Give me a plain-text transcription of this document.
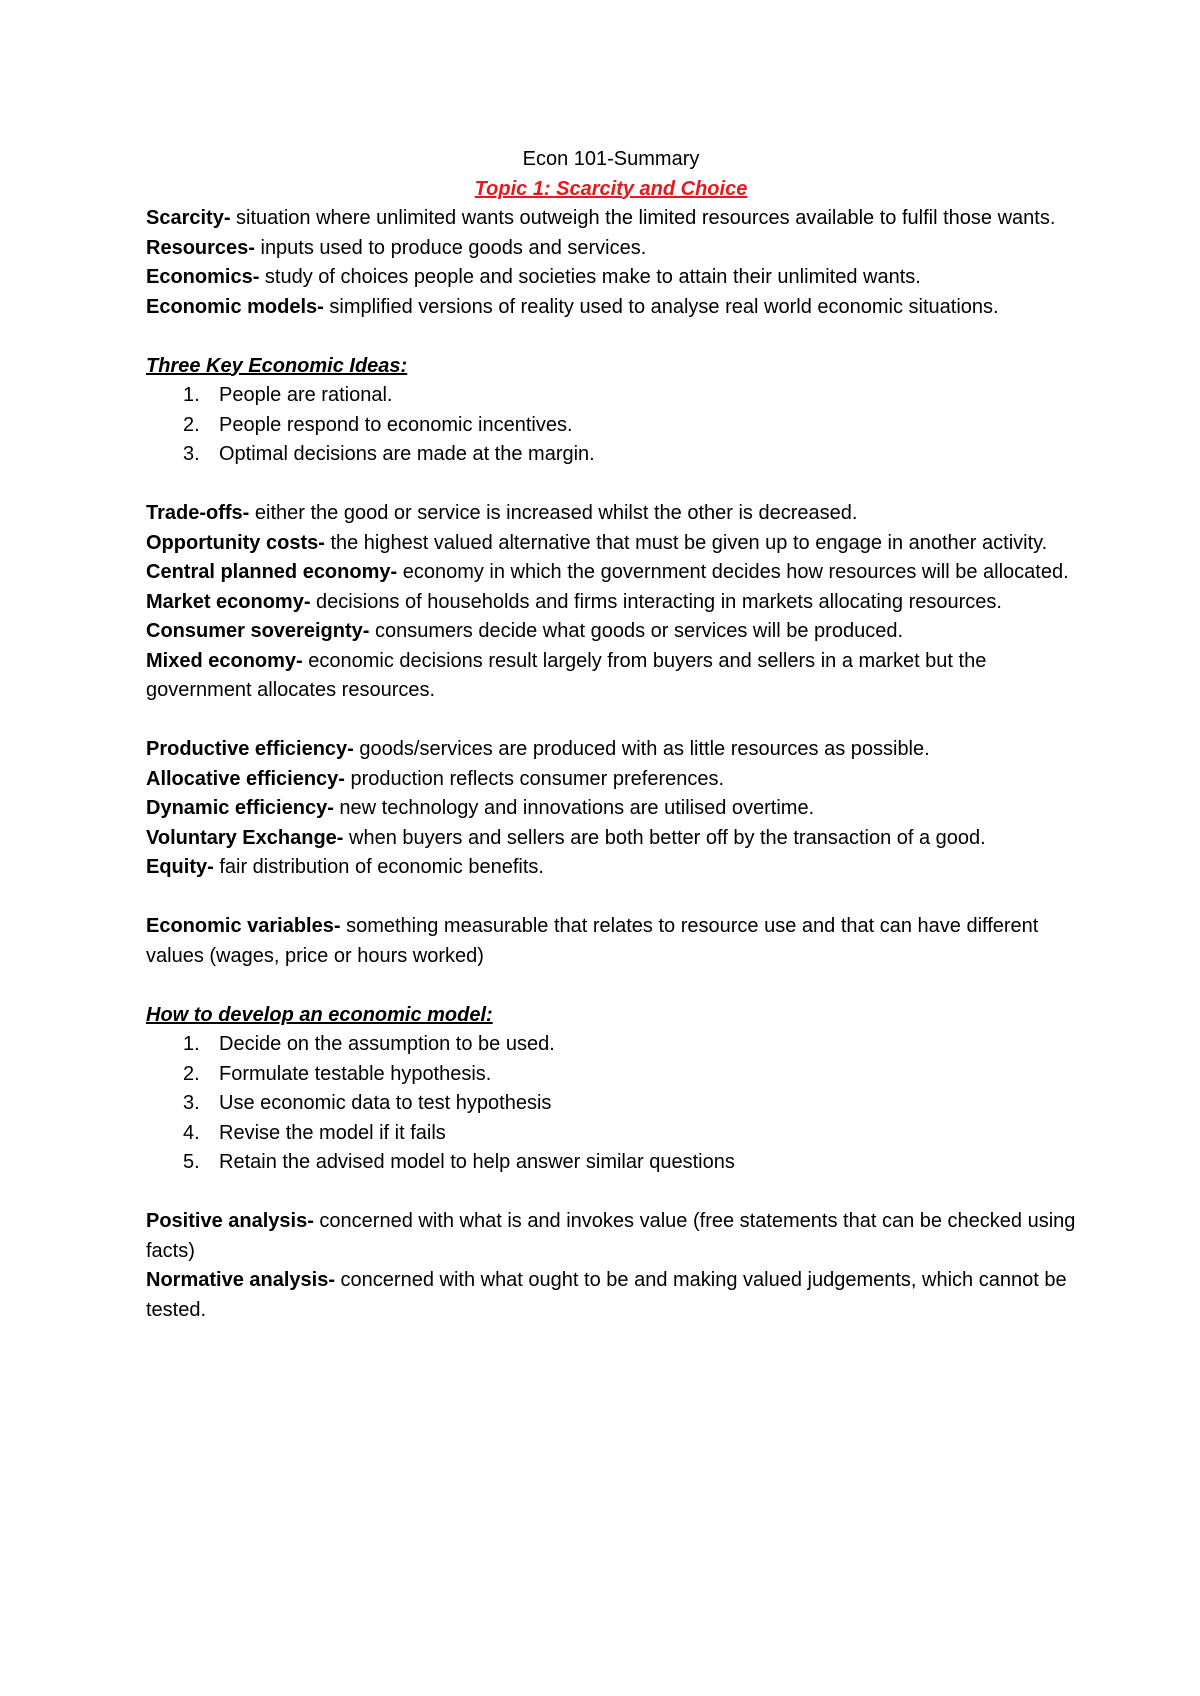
Econ 101-Summary
Topic 1: Scarcity and Choice

Scarcity- situation where unlimited wants outweigh the limited resources available to fulfil those wants.

Resources- inputs used to produce goods and services.

Economics- study of choices people and societies make to attain their unlimited wants.

Economic models- simplified versions of reality used to analyse real world economic situations.

Three Key Economic Ideas:

1. People are rational.
2. People respond to economic incentives.
3. Optimal decisions are made at the margin.

Trade-offs- either the good or service is increased whilst the other is decreased.

Opportunity costs- the highest valued alternative that must be given up to engage in another activity.

Central planned economy- economy in which the government decides how resources will be allocated.

Market economy- decisions of households and firms interacting in markets allocating resources.

Consumer sovereignty- consumers decide what goods or services will be produced.

Mixed economy- economic decisions result largely from buyers and sellers in a market but the government allocates resources.

Productive efficiency- goods/services are produced with as little resources as possible.

Allocative efficiency- production reflects consumer preferences.

Dynamic efficiency- new technology and innovations are utilised overtime.

Voluntary Exchange- when buyers and sellers are both better off by the transaction of a good.

Equity- fair distribution of economic benefits.

Economic variables- something measurable that relates to resource use and that can have different values (wages, price or hours worked)

How to develop an economic model:

1. Decide on the assumption to be used.
2. Formulate testable hypothesis.
3. Use economic data to test hypothesis
4. Revise the model if it fails
5. Retain the advised model to help answer similar questions

Positive analysis- concerned with what is and invokes value (free statements that can be checked using facts)

Normative analysis- concerned with what ought to be and making valued judgements, which cannot be tested.
